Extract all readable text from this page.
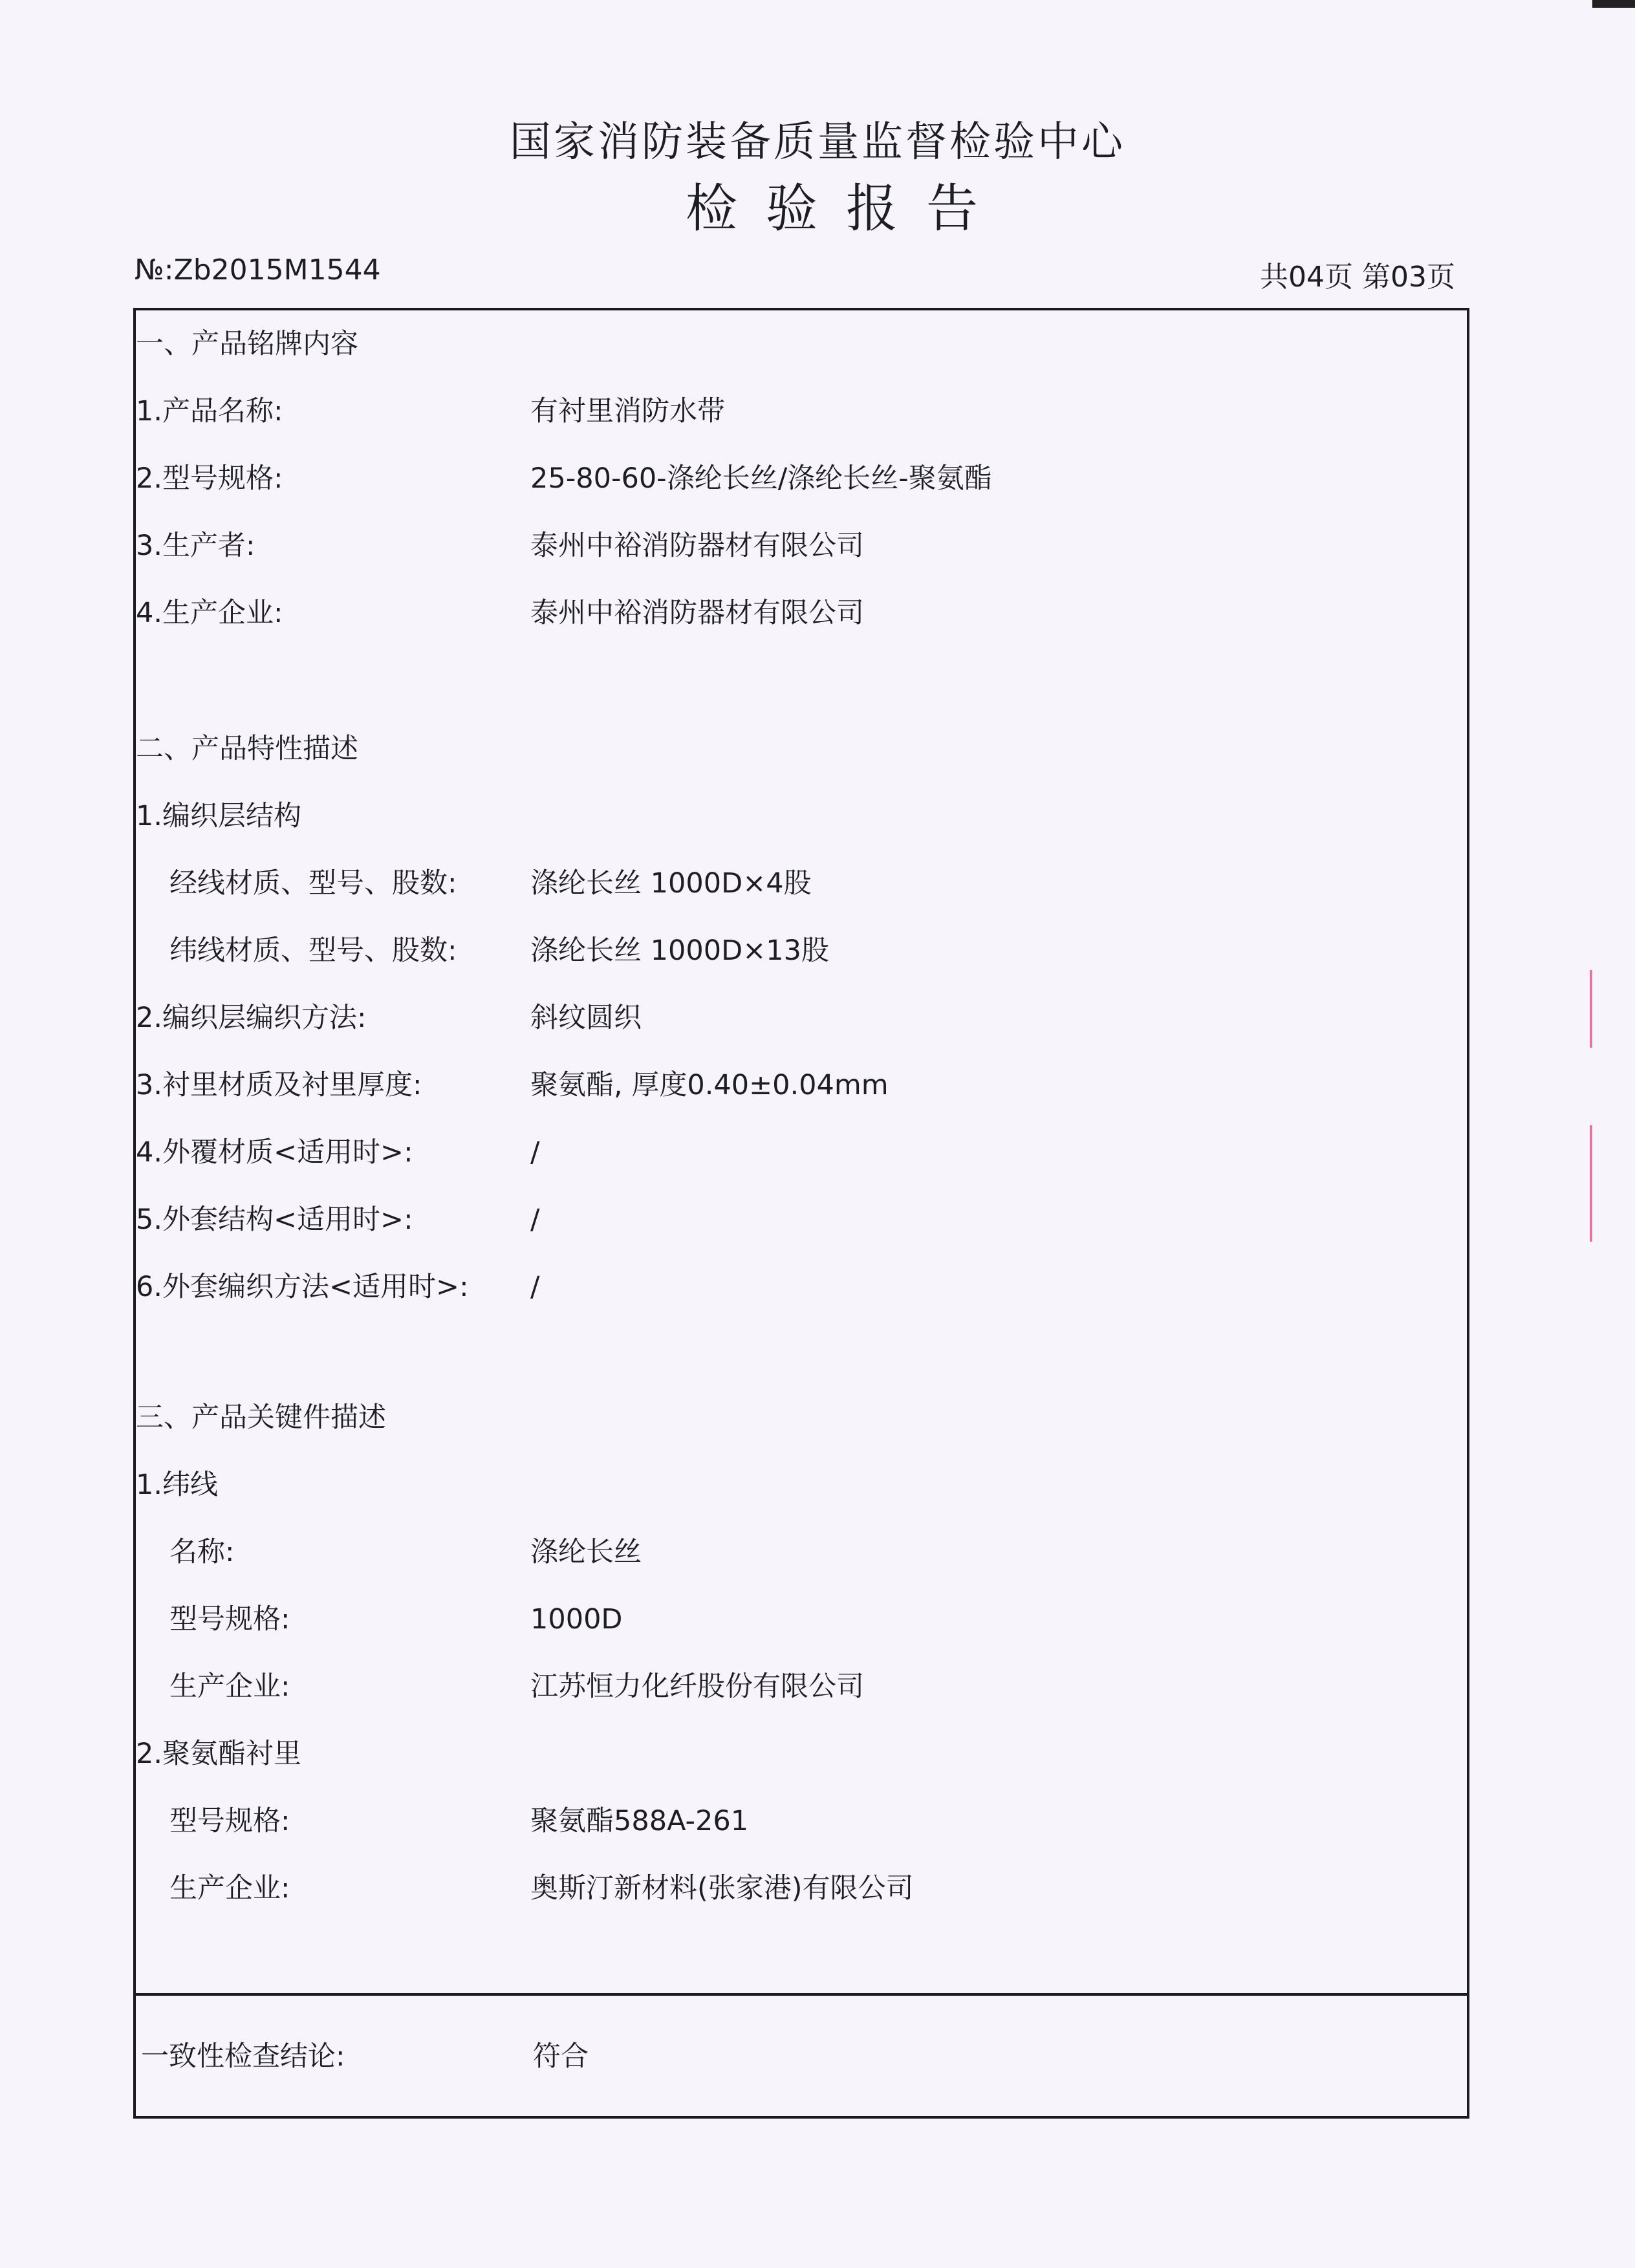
国家消防装备质量监督检验中心
检验报告
№:Zb2015M1544	共04页 第03页
一、产品铭牌内容
1.产品名称:	有衬里消防水带
2.型号规格:	25-80-60-涤纶长丝/涤纶长丝-聚氨酯
3.生产者:	泰州中裕消防器材有限公司
4.生产企业:	泰州中裕消防器材有限公司
二、产品特性描述
1.编织层结构
经线材质、型号、股数:	涤纶长丝 1000D×4股
纬线材质、型号、股数:	涤纶长丝 1000D×13股
2.编织层编织方法:	斜纹圆织
3.衬里材质及衬里厚度:	聚氨酯, 厚度0.40±0.04mm
4.外覆材质<适用时>:	/
5.外套结构<适用时>:	/
6.外套编织方法<适用时>: /
三、产品关键件描述
1.纬线
名称:	涤纶长丝
型号规格:	1000D
生产企业:	江苏恒力化纤股份有限公司
2.聚氨酯衬里
型号规格:	聚氨酯588A-261
生产企业:	奥斯汀新材料(张家港)有限公司
一致性检查结论:	符合
